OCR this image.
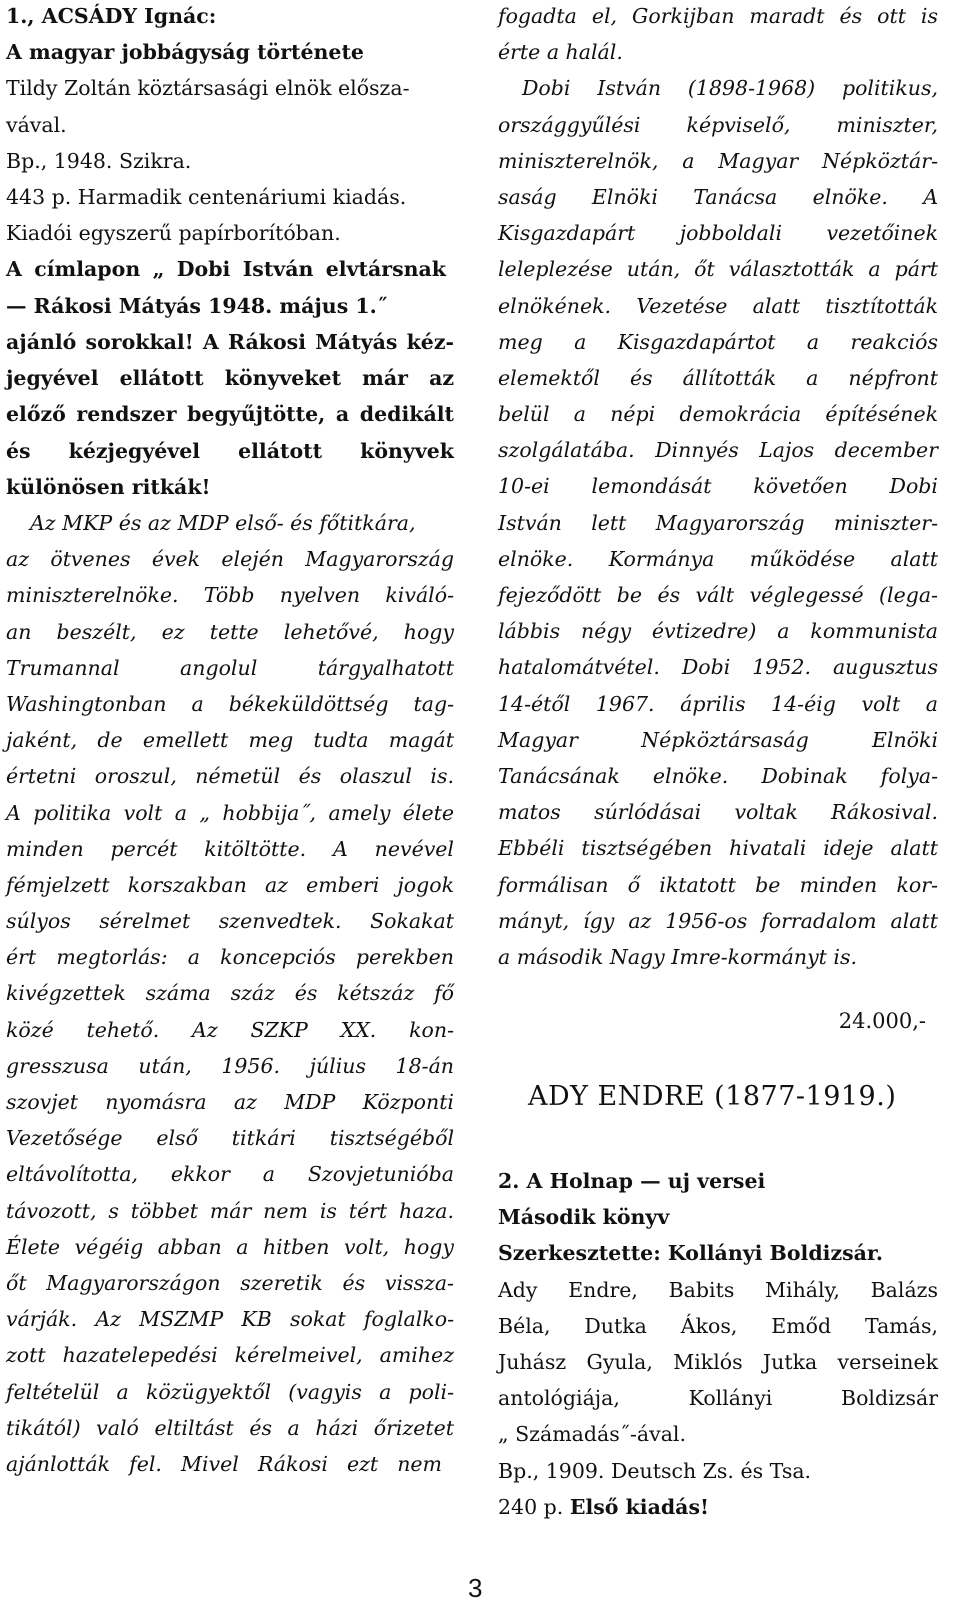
1., ACSÁDY Ignác:
A magyar jobbágyság története
Tildy Zoltán köztársasági elnök elősza-
vával.
Bp., 1948. Szikra.
443 p. Harmadik centenáriumi kiadás.
Kiadói egyszerű papírborítóban.
A címlapon „ Dobi István elvtársnak
— Rákosi Mátyás 1948. május 1.˝
ajánló sorokkal! A Rákosi Mátyás kéz-
jegyével ellátott könyveket már az
előző rendszer begyűjtötte, a dedikált
és kézjegyével ellátott könyvek
különösen ritkák!
Az MKP és az MDP első- és főtitkára,
az ötvenes évek elején Magyarország
miniszterelnöke. Több nyelven kiváló-
an beszélt, ez tette lehetővé, hogy
Trumannal angolul tárgyalhatott
Washingtonban a békeküldöttség tag-
jaként, de emellett meg tudta magát
értetni oroszul, németül és olaszul is.
A politika volt a „ hobbija˝, amely élete
minden percét kitöltötte. A nevével
fémjelzett korszakban az emberi jogok
súlyos sérelmet szenvedtek. Sokakat
ért megtorlás: a koncepciós perekben
kivégzettek száma száz és kétszáz fő
közé tehető. Az SZKP XX. kon-
gresszusa után, 1956. július 18-án
szovjet nyomásra az MDP Központi
Vezetősége első titkári tisztségéből
eltávolította, ekkor a Szovjetunióba
távozott, s többet már nem is tért haza.
Élete végéig abban a hitben volt, hogy
őt Magyarországon szeretik és vissza-
várják. Az MSZMP KB sokat foglalko-
zott hazatelepedési kérelmeivel, amihez
feltételül a közügyektől (vagyis a poli-
tikától) való eltiltást és a házi őrizetet
ajánlották fel. Mivel Rákosi ezt nem
fogadta el, Gorkijban maradt és ott is
érte a halál.
Dobi István (1898-1968) politikus,
országgyűlési képviselő, miniszter,
miniszterelnök, a Magyar Népköztár-
saság Elnöki Tanácsa elnöke. A
Kisgazdapárt jobboldali vezetőinek
leleplezése után, őt választották a párt
elnökének. Vezetése alatt tisztították
meg a Kisgazdapártot a reakciós
elemektől és állították a népfront
belül a népi demokrácia építésének
szolgálatába. Dinnyés Lajos december
10-ei lemondását követően Dobi
István lett Magyarország miniszter-
elnöke. Kormánya működése alatt
fejeződött be és vált véglegessé (lega-
lábbis négy évtizedre) a kommunista
hatalomátvétel. Dobi 1952. augusztus
14-étől 1967. április 14-éig volt a
Magyar Népköztársaság Elnöki
Tanácsának elnöke. Dobinak folya-
matos súrlódásai voltak Rákosival.
Ebbéli tisztségében hivatali ideje alatt
formálisan ő iktatott be minden kor-
mányt, így az 1956-os forradalom alatt
a második Nagy Imre-kormányt is.
24.000,-
ADY ENDRE (1877-1919.)
2. A Holnap — uj versei
Második könyv
Szerkesztette: Kollányi Boldizsár.
Ady Endre, Babits Mihály, Balázs
Béla, Dutka Ákos, Emőd Tamás,
Juhász Gyula, Miklós Jutka verseinek
antológiája, Kollányi Boldizsár
„ Számadás˝-ával.
Bp., 1909. Deutsch Zs. és Tsa.
240 p. Első kiadás!
3
